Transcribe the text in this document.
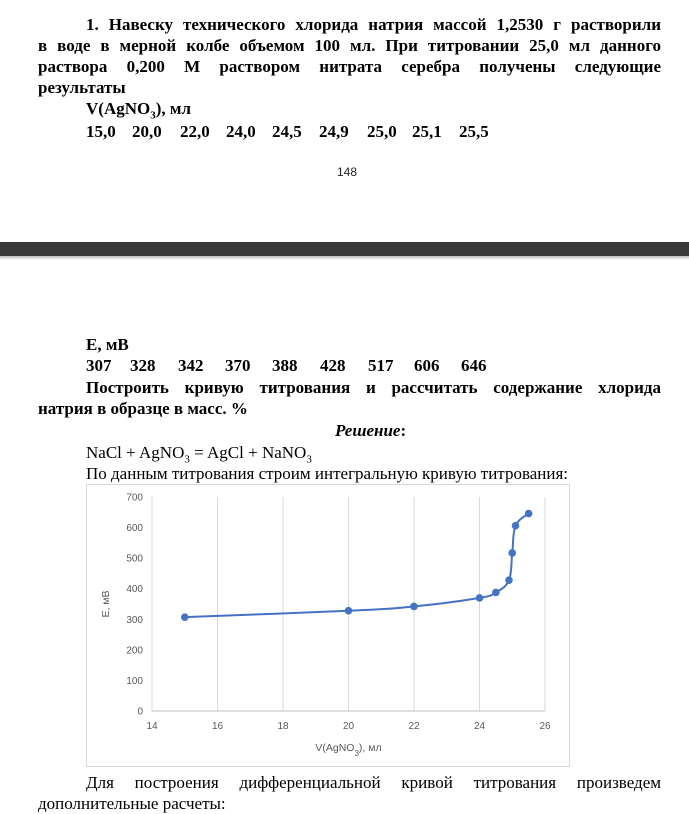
1. Навеску технического хлорида натрия массой 1,2530 г растворили
в воде в мерной колбе объемом 100 мл. При титровании 25,0 мл данного
раствора 0,200 М раствором нитрата серебра получены следующие
результаты
V(AgNO$_3$), мл
15,0 20,0 22,0 24,0 24,5 24,9 25,0 25,1 25,5
148
E, мВ
307 328 342 370 388 428 517 606 646
Построить кривую титрования и рассчитать содержание хлорида
натрия в образце в масс. %
Решение:
NaCl + AgNO$_3$ = AgCl + NaNO$_3$
По данным титрования строим интегральную кривую титрования:
14	16	18	20	22	24	26
0
100
200
300
400
500
600
700
V(AgNO$_3$), мл
E, мВ
Для построения дифференциальной кривой титрования произведем
дополнительные расчеты:
